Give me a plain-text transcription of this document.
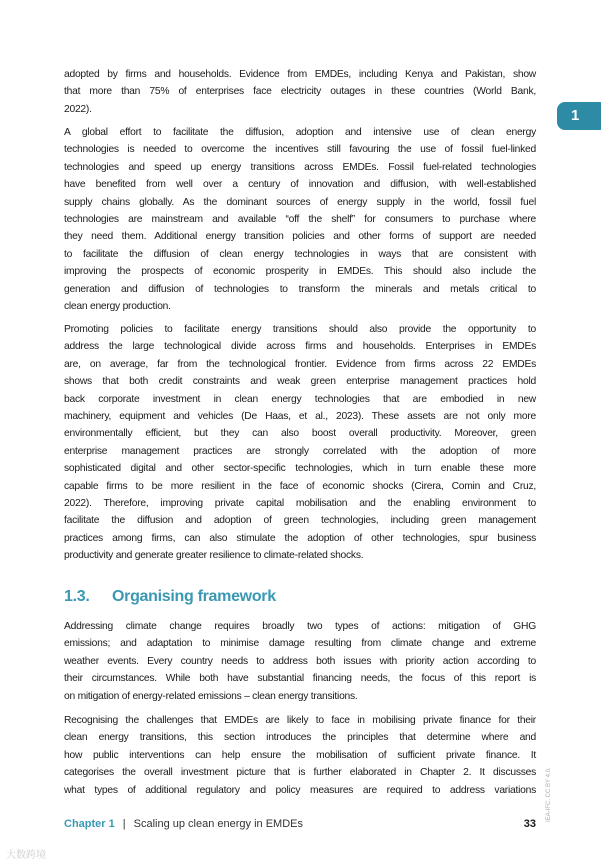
1
adopted by firms and households. Evidence from EMDEs, including Kenya and Pakistan, show
that more than 75% of enterprises face electricity outages in these countries (World Bank,
2022).
A global effort to facilitate the diffusion, adoption and intensive use of clean energy
technologies is needed to overcome the incentives still favouring the use of fossil fuel-linked
technologies and speed up energy transitions across EMDEs. Fossil fuel-related technologies
have benefited from well over a century of innovation and diffusion, with well-established
supply chains globally. As the dominant sources of energy supply in the world, fossil fuel
technologies are mainstream and available “off the shelf” for consumers to purchase where
they need them. Additional energy transition policies and other forms of support are needed
to facilitate the diffusion of clean energy technologies in ways that are consistent with
improving the prospects of economic prosperity in EMDEs. This should also include the
generation and diffusion of technologies to transform the minerals and metals critical to
clean energy production.
Promoting policies to facilitate energy transitions should also provide the opportunity to
address the large technological divide across firms and households. Enterprises in EMDEs
are, on average, far from the technological frontier. Evidence from firms across 22 EMDEs
shows that both credit constraints and weak green enterprise management practices hold
back corporate investment in clean energy technologies that are embodied in new
machinery, equipment and vehicles (De Haas, et al., 2023). These assets are not only more
environmentally efficient, but they can also boost overall productivity. Moreover, green
enterprise management practices are strongly correlated with the adoption of more
sophisticated digital and other sector-specific technologies, which in turn enable these more
capable firms to be more resilient in the face of economic shocks (Cirera, Comin and Cruz,
2022). Therefore, improving private capital mobilisation and the enabling environment to
facilitate the diffusion and adoption of green technologies, including green management
practices among firms, can also stimulate the adoption of other technologies, spur business
productivity and generate greater resilience to climate-related shocks.
1.3. Organising framework
Addressing climate change requires broadly two types of actions: mitigation of GHG
emissions; and adaptation to minimise damage resulting from climate change and extreme
weather events. Every country needs to address both issues with priority action according to
their circumstances. While both have substantial financing needs, the focus of this report is
on mitigation of energy-related emissions – clean energy transitions.
Recognising the challenges that EMDEs are likely to face in mobilising private finance for their
clean energy transitions, this section introduces the principles that determine where and
how public interventions can help ensure the mobilisation of sufficient private finance. It
categorises the overall investment picture that is further elaborated in Chapter 2. It discusses
what types of additional regulatory and policy measures are required to address variations
Chapter 1 | Scaling up clean energy in EMDEs	33
IEA-IFC. CC BY 4.0.
大数跨境
